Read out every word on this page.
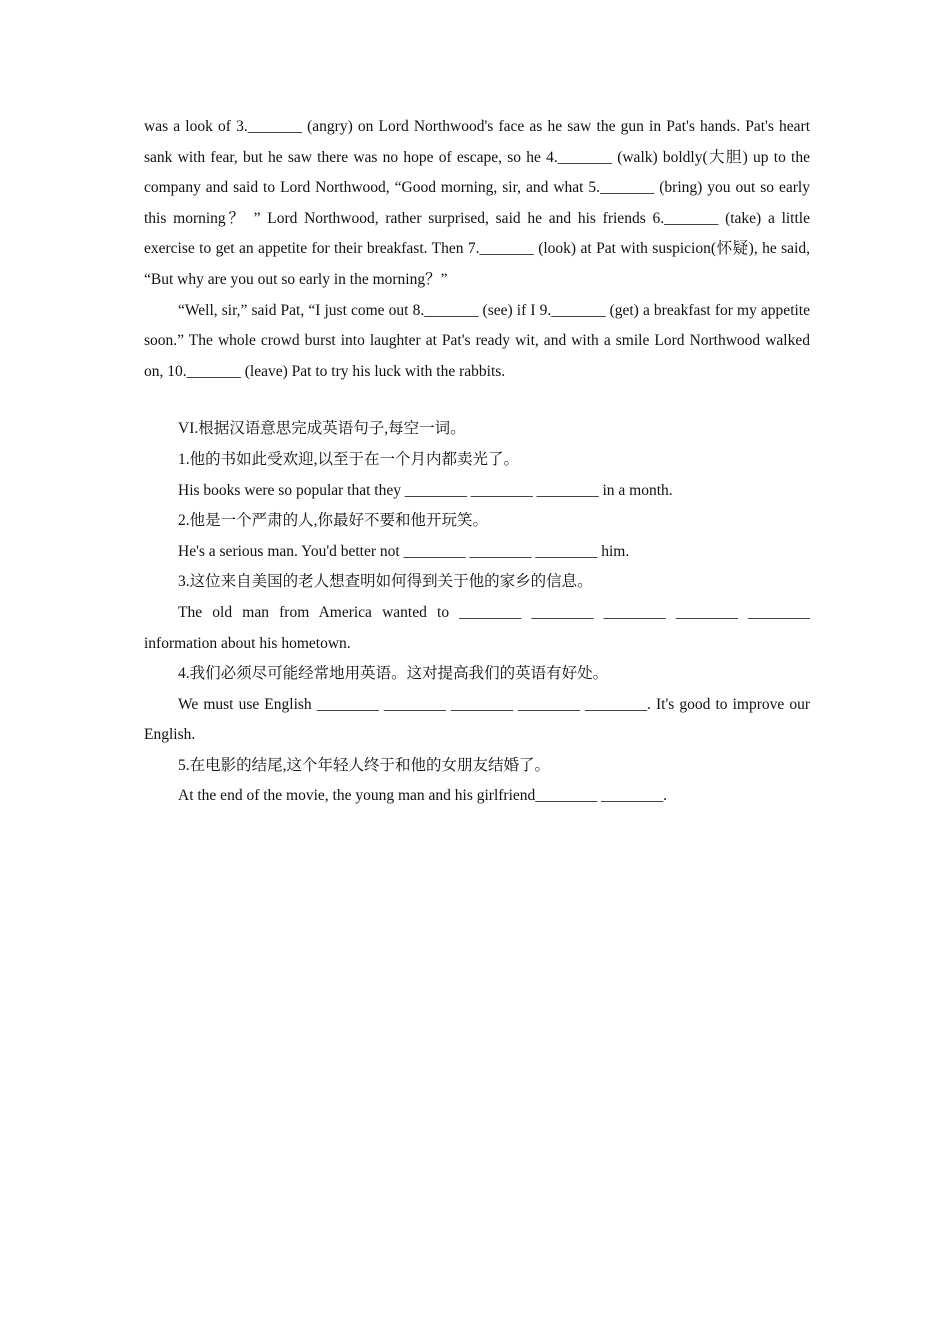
was a look of 3._______ (angry) on Lord Northwood's face as he saw the gun in Pat's hands. Pat's heart sank with fear, but he saw there was no hope of escape, so he 4._______ (walk) boldly(大胆) up to the company and said to Lord Northwood, “Good morning, sir, and what 5._______ (bring) you out so early this morning？ ” Lord Northwood, rather surprised, said he and his friends 6._______ (take) a little exercise to get an appetite for their breakfast. Then 7._______ (look) at Pat with suspicion(怀疑), he said, “But why are you out so early in the morning？”

“Well, sir,” said Pat, “I just come out 8._______ (see) if I 9._______ (get) a breakfast for my appetite soon.” The whole crowd burst into laughter at Pat's ready wit, and with a smile Lord Northwood walked on, 10._______ (leave) Pat to try his luck with the rabbits.

VI.根据汉语意思完成英语句子,每空一词。

1.他的书如此受欢迎,以至于在一个月内都卖光了。

His books were so popular that they ________ ________ ________ in a month.

2.他是一个严肃的人,你最好不要和他开玩笑。

He's a serious man. You'd better not ________ ________ ________ him.

3.这位来自美国的老人想查明如何得到关于他的家乡的信息。

The old man from America wanted to ________ ________ ________ ________ ________ information about his hometown.

4.我们必须尽可能经常地用英语。这对提高我们的英语有好处。

We must use English ________ ________ ________ ________ ________. It's good to improve our English.

5.在电影的结尾,这个年轻人终于和他的女朋友结婚了。

At the end of the movie, the young man and his girlfriend________ ________.
